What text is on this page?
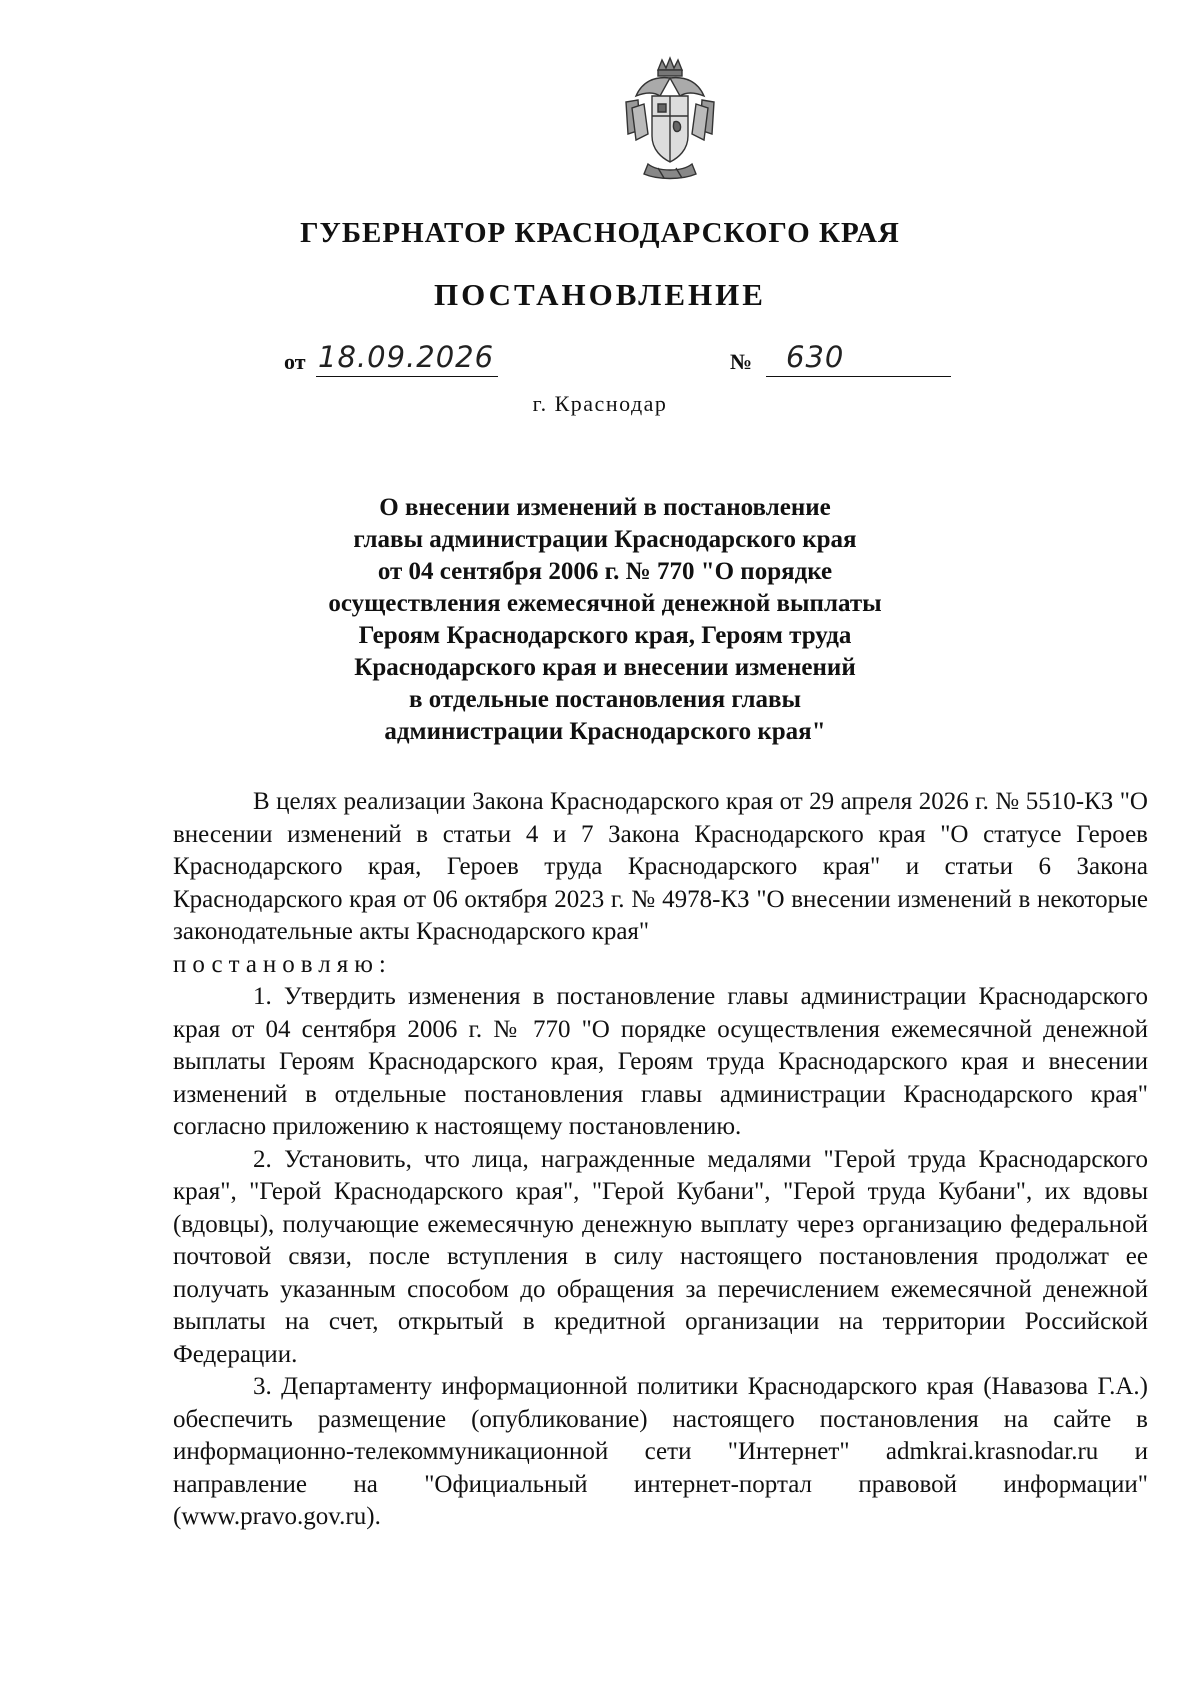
ГУБЕРНАТОР КРАСНОДАРСКОГО КРАЯ
ПОСТАНОВЛЕНИЕ
от 18.09.2026	№ 630
г. Краснодар
О внесении изменений в постановление
главы администрации Краснодарского края
от 04 сентября 2006 г. № 770 "О порядке
осуществления ежемесячной денежной выплаты
Героям Краснодарского края, Героям труда
Краснодарского края и внесении изменений
в отдельные постановления главы
администрации Краснодарского края"

В целях реализации Закона Краснодарского края от 29 апреля 2026 г. № 5510-КЗ "О внесении изменений в статьи 4 и 7 Закона Краснодарского края "О статусе Героев Краснодарского края, Героев труда Краснодарского края" и статьи 6 Закона Краснодарского края от 06 октября 2023 г. № 4978-КЗ "О внесении изменений в некоторые законодательные акты Краснодарского края"

постановляю:

1. Утвердить изменения в постановление главы администрации Краснодарского края от 04 сентября 2006 г. № 770 "О порядке осуществления ежемесячной денежной выплаты Героям Краснодарского края, Героям труда Краснодарского края и внесении изменений в отдельные постановления главы администрации Краснодарского края" согласно приложению к настоящему постановлению.

2. Установить, что лица, награжденные медалями "Герой труда Краснодарского края", "Герой Краснодарского края", "Герой Кубани", "Герой труда Кубани", их вдовы (вдовцы), получающие ежемесячную денежную выплату через организацию федеральной почтовой связи, после вступления в силу настоящего постановления продолжат ее получать указанным способом до обращения за перечислением ежемесячной денежной выплаты на счет, открытый в кредитной организации на территории Российской Федерации.

3. Департаменту информационной политики Краснодарского края (Навазова Г.А.) обеспечить размещение (опубликование) настоящего постановления на сайте в информационно-телекоммуникационной сети "Интернет" admkrai.krasnodar.ru и направление на "Официальный интернет-портал правовой информации" (www.pravo.gov.ru).
